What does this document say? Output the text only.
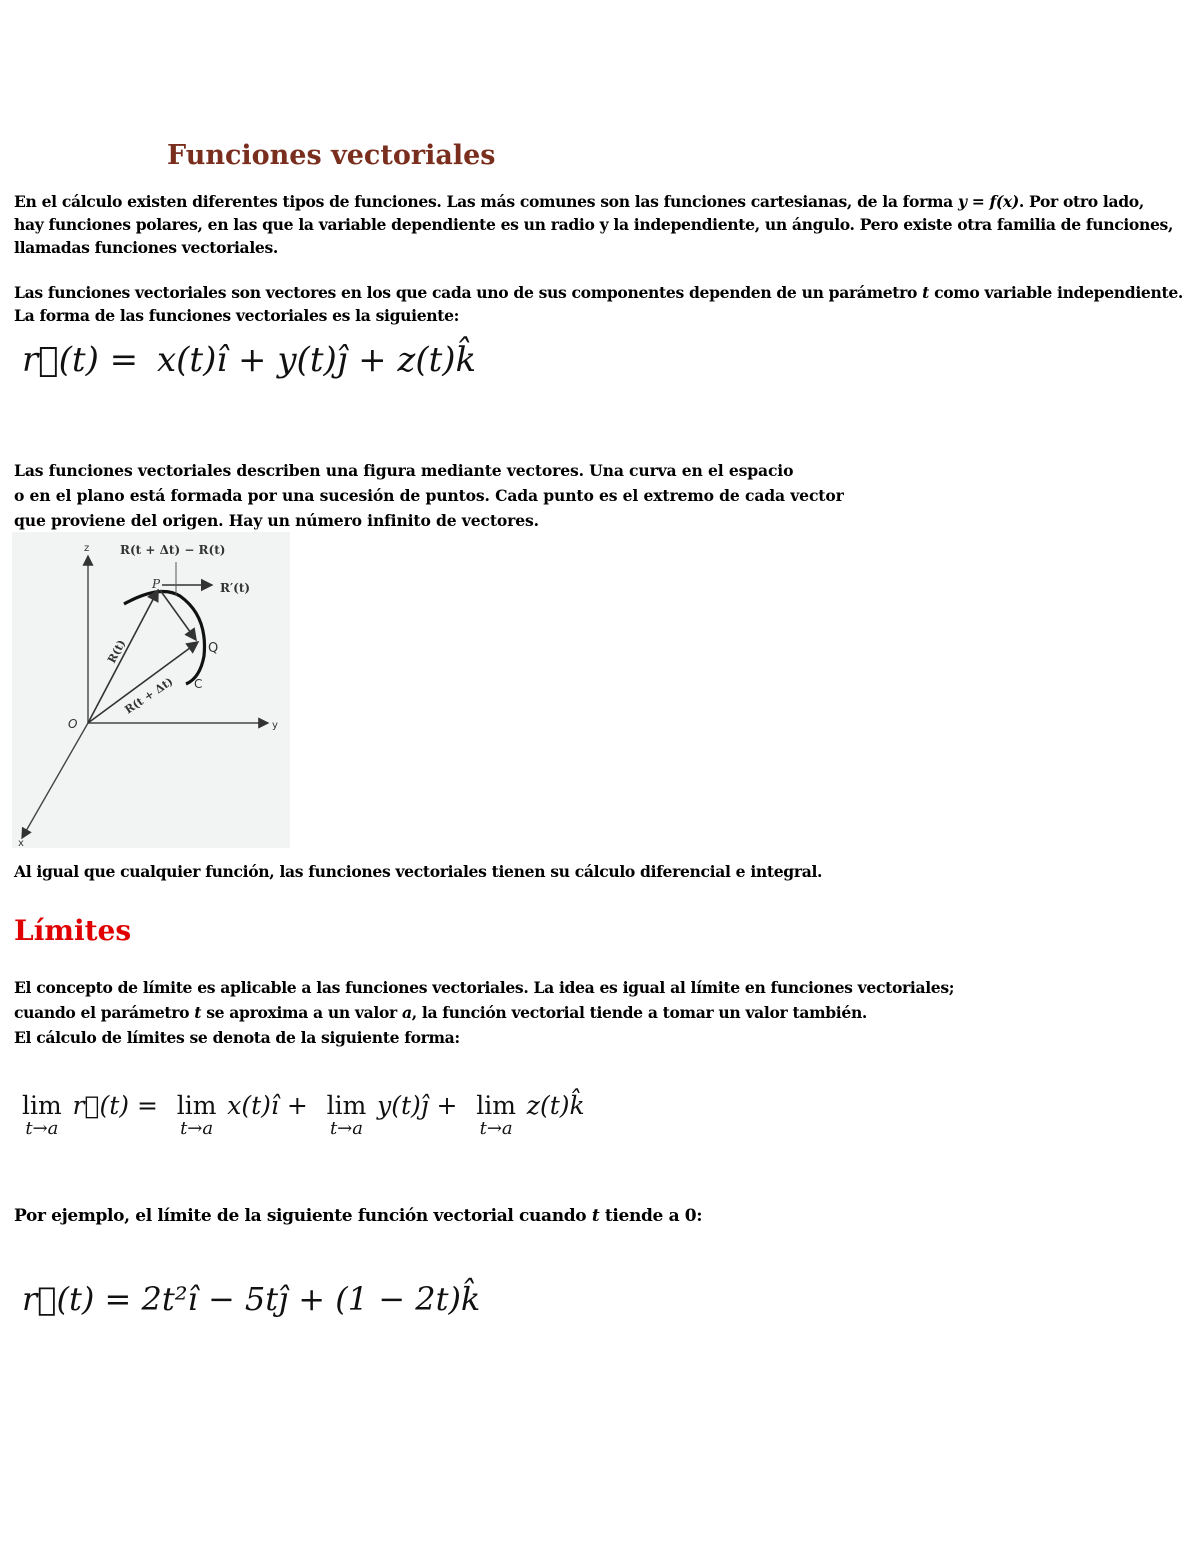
Funciones vectoriales
En el cálculo existen diferentes tipos de funciones. Las más comunes son las funciones cartesianas, de la forma y = f(x). Por otro lado,
hay funciones polares, en las que la variable dependiente es un radio y la independiente, un ángulo. Pero existe otra familia de funciones,
llamadas funciones vectoriales.
Las funciones vectoriales son vectores en los que cada uno de sus componentes dependen de un parámetro t como variable independiente.
La forma de las funciones vectoriales es la siguiente:
r⃗(t) = x(t)î + y(t)ĵ + z(t)k̂
Las funciones vectoriales describen una figura mediante vectores. Una curva en el espacio
o en el plano está formada por una sucesión de puntos. Cada punto es el extremo de cada vector
que proviene del origen. Hay un número infinito de vectores.
R(t + Δt) − R(t)
R′(t)
P
Q
C
O
z
y
x
R(t)
R(t + Δt)
Al igual que cualquier función, las funciones vectoriales tienen su cálculo diferencial e integral.
Límites
El concepto de límite es aplicable a las funciones vectoriales. La idea es igual al límite en funciones vectoriales;
cuando el parámetro t se aproxima a un valor a, la función vectorial tiende a tomar un valor también.
El cálculo de límites se denota de la siguiente forma:
lim
t→a
r⃗(t) = lim
t→a
x(t)î + lim
t→a
y(t)ĵ + lim
t→a
z(t)k̂
Por ejemplo, el límite de la siguiente función vectorial cuando t tiende a 0:
r⃗(t) = 2t²î − 5tĵ + (1 − 2t)k̂
